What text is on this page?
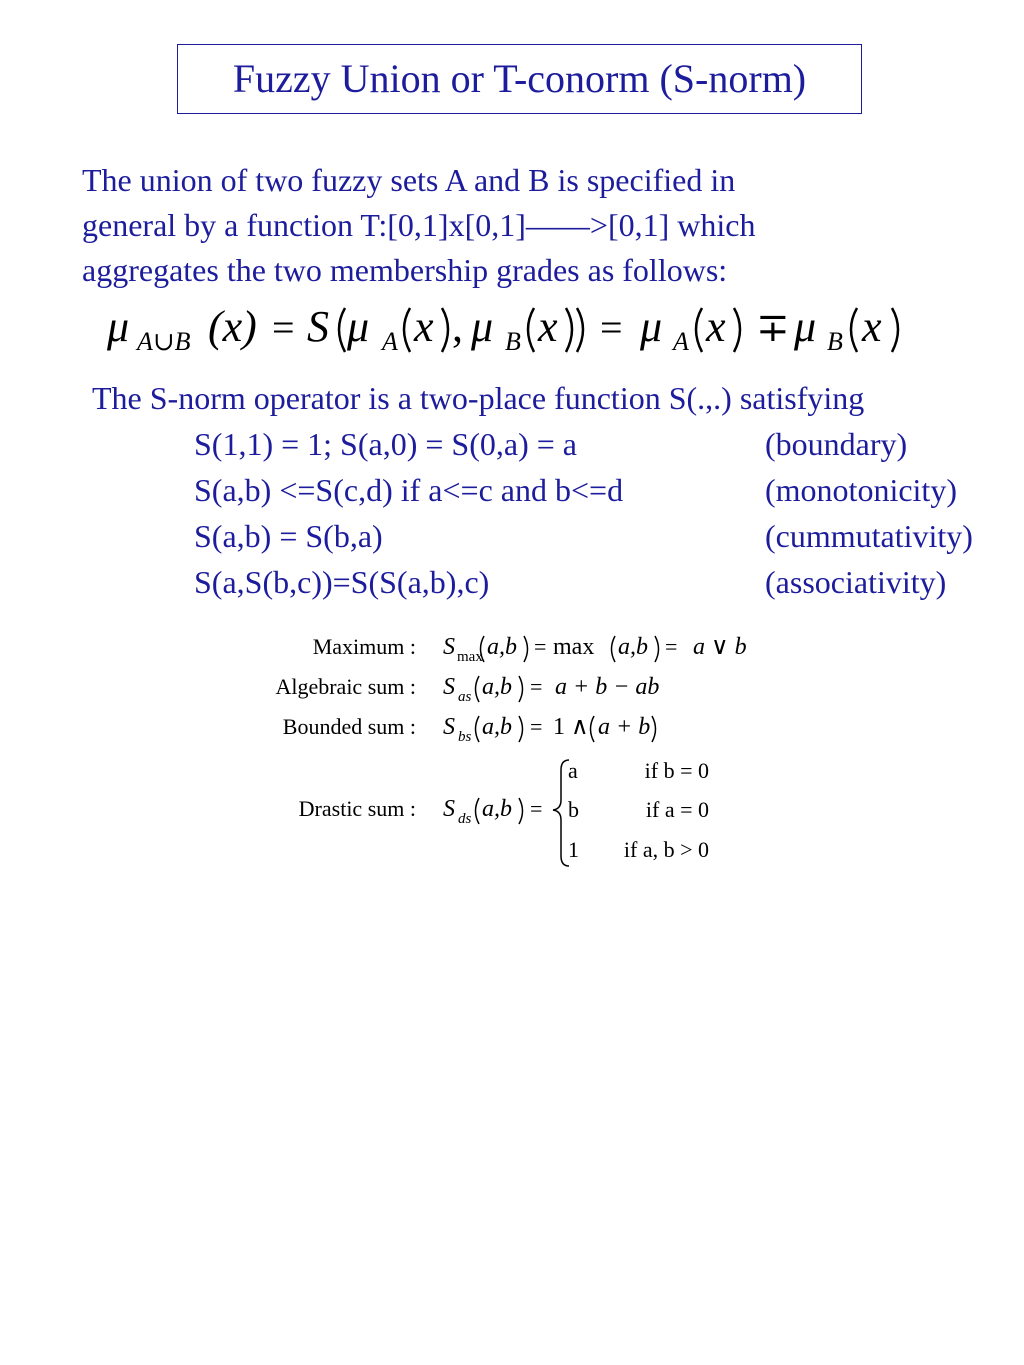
Fuzzy Union or T-conorm (S-norm)
The union of two fuzzy sets A and B is specified in
general by a function T:[0,1]x[0,1]——>[0,1] which
aggregates the two membership grades as follows:
μ A∪B (x) = S μ A x , μ B x = μ A x ∓ μ B x
The S-norm operator is a two-place function S(.,.) satisfying
S(1,1) = 1; S(a,0) = S(0,a) = a	(boundary)
S(a,b) <=S(c,d) if a<=c and b<=d	(monotonicity)
S(a,b) = S(b,a)	(cummutativity)
S(a,S(b,c))=S(S(a,b),c)	(associativity)
Maximum : S max a,b = max a,b = a ∨ b
Algebraic sum : S as a,b = a + b − ab
Bounded sum : S bs a,b = 1 ∧ a + b
Drastic sum : S ds a,b =
a	if b = 0
b	if a = 0
1 if a, b > 0
